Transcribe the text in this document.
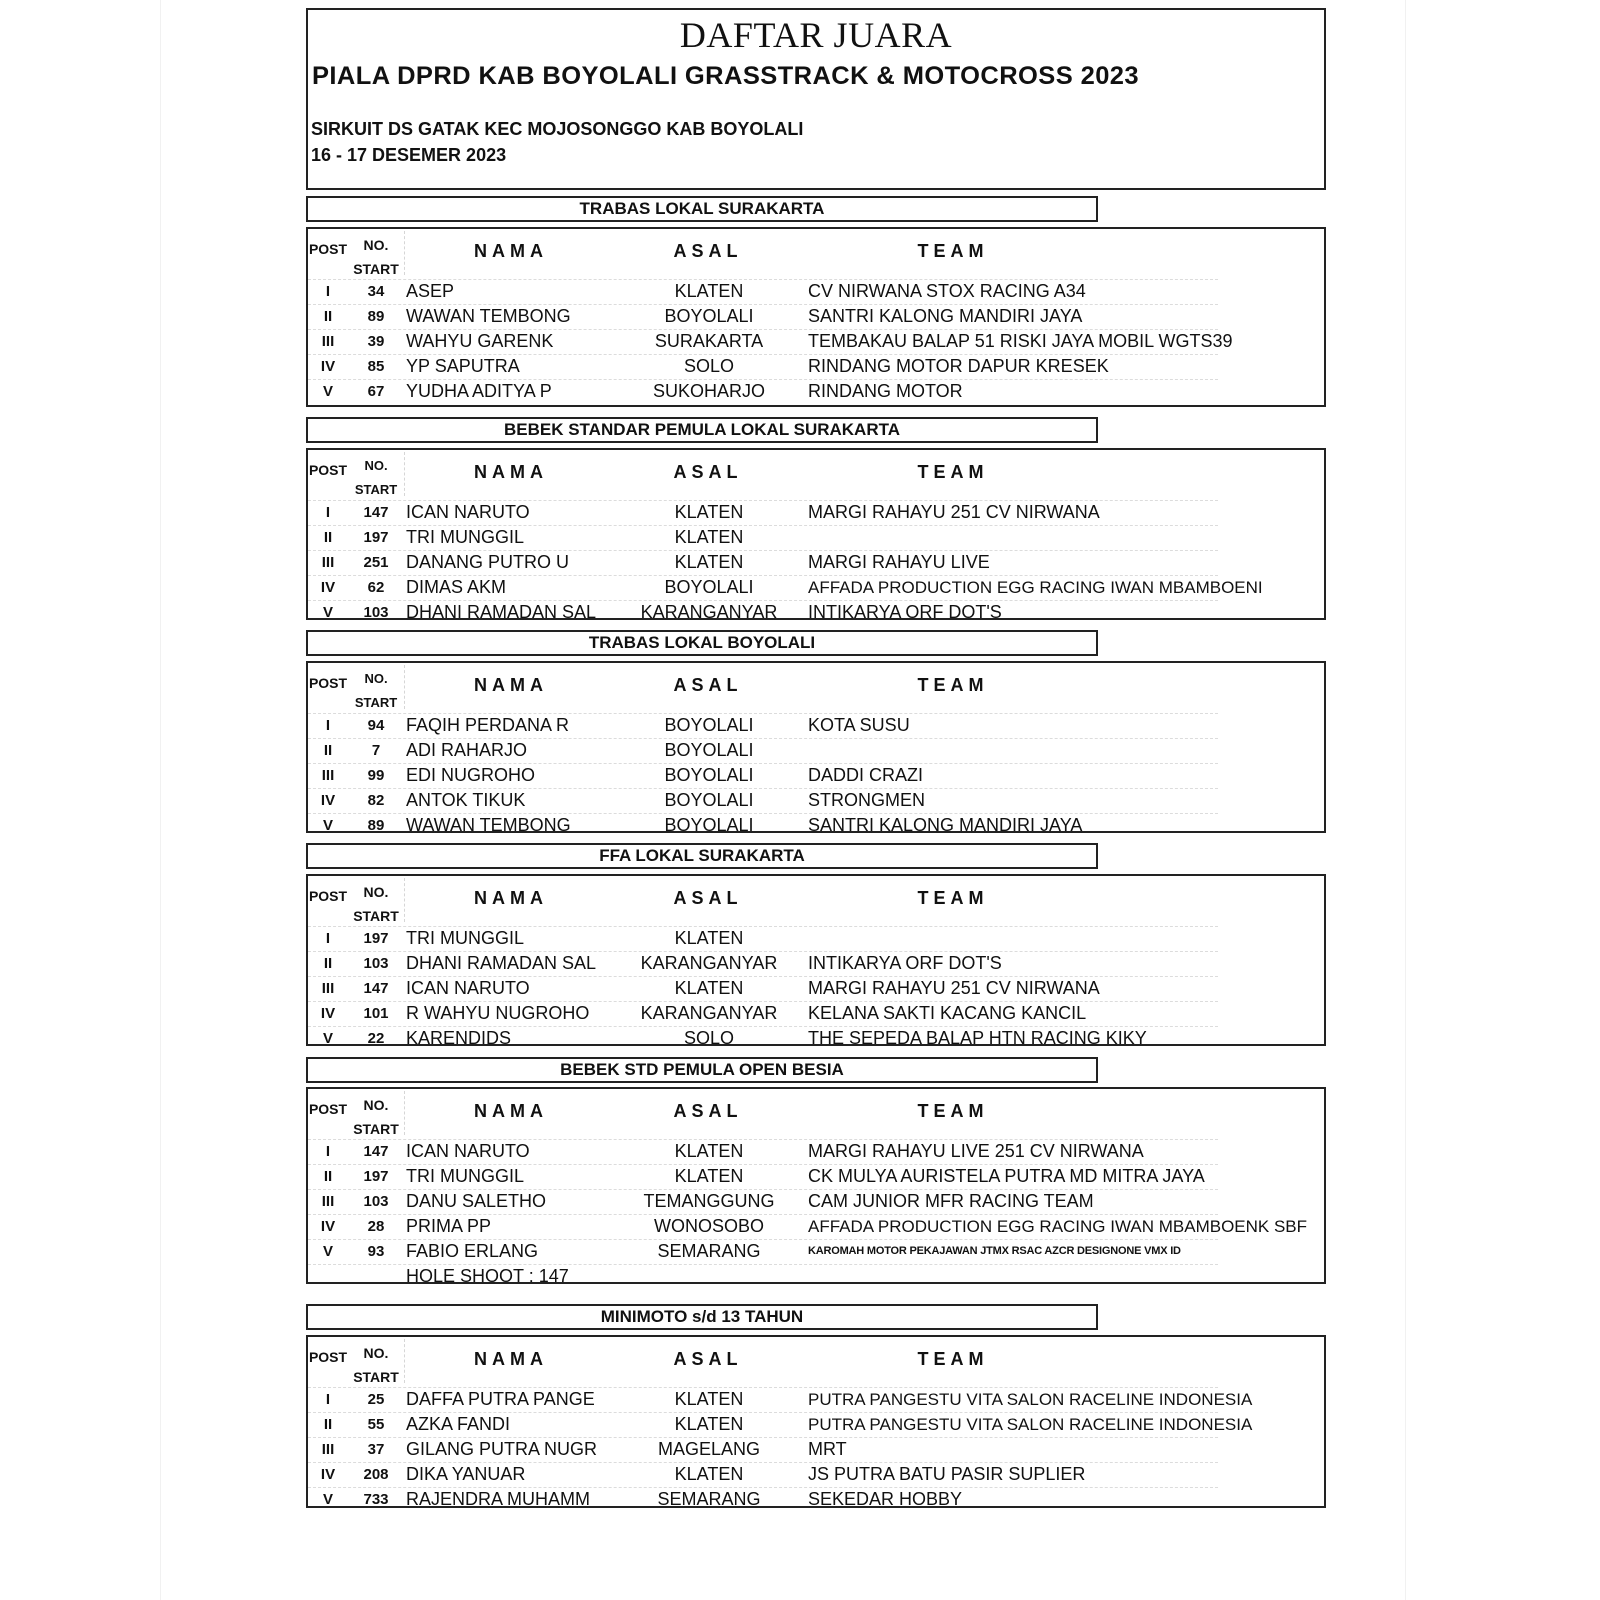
DAFTAR JUARA
PIALA DPRD KAB BOYOLALI GRASSTRACK & MOTOCROSS 2023
SIRKUIT DS GATAK KEC MOJOSONGGO KAB BOYOLALI
16 - 17 DESEMER 2023
TRABAS LOKAL SURAKARTA
POST	NO.
START
NAMA	ASAL	TEAM
I	34	ASEP	KLATEN	CV NIRWANA STOX RACING A34
II	89	WAWAN TEMBONG	BOYOLALI	SANTRI KALONG MANDIRI JAYA
III	39	WAHYU GARENK	SURAKARTA	TEMBAKAU BALAP 51 RISKI JAYA MOBIL WGTS39
IV	85	YP SAPUTRA	SOLO	RINDANG MOTOR DAPUR KRESEK
V	67	YUDHA ADITYA P	SUKOHARJO	RINDANG MOTOR
BEBEK STANDAR PEMULA LOKAL SURAKARTA
POST	NO.
START
NAMA	ASAL	TEAM
I	147 ICAN NARUTO	KLATEN	MARGI RAHAYU 251 CV NIRWANA
II	197 TRI MUNGGIL	KLATEN
III	251 DANANG PUTRO U	KLATEN	MARGI RAHAYU LIVE
IV	62	DIMAS AKM	BOYOLALI	AFFADA PRODUCTION EGG RACING IWAN MBAMBOENI
V	103 DHANI RAMADAN SAL	KARANGANYAR	INTIKARYA ORF DOT'S
TRABAS LOKAL BOYOLALI
POST	NO.
START
NAMA	ASAL	TEAM
I	94	FAQIH PERDANA R	BOYOLALI	KOTA SUSU
II	7	ADI RAHARJO	BOYOLALI
III	99	EDI NUGROHO	BOYOLALI	DADDI CRAZI
IV	82	ANTOK TIKUK	BOYOLALI	STRONGMEN
V	89	WAWAN TEMBONG	BOYOLALI	SANTRI KALONG MANDIRI JAYA
FFA LOKAL SURAKARTA
POST	NO.
START
NAMA	ASAL	TEAM
I	197 TRI MUNGGIL	KLATEN
II	103 DHANI RAMADAN SAL	KARANGANYAR	INTIKARYA ORF DOT'S
III	147 ICAN NARUTO	KLATEN	MARGI RAHAYU 251 CV NIRWANA
IV	101 R WAHYU NUGROHO	KARANGANYAR	KELANA SAKTI KACANG KANCIL
V	22	KARENDIDS	SOLO	THE SEPEDA BALAP HTN RACING KIKY
BEBEK STD PEMULA OPEN BESIA
POST	NO.
START
NAMA	ASAL	TEAM
I	147 ICAN NARUTO	KLATEN	MARGI RAHAYU LIVE 251 CV NIRWANA
II	197 TRI MUNGGIL	KLATEN	CK MULYA AURISTELA PUTRA MD MITRA JAYA
III	103 DANU SALETHO	TEMANGGUNG	CAM JUNIOR MFR RACING TEAM
IV	28	PRIMA PP	WONOSOBO	AFFADA PRODUCTION EGG RACING IWAN MBAMBOENK SBF
V	93	FABIO ERLANG	SEMARANG	KAROMAH MOTOR PEKAJAWAN JTMX RSAC AZCR DESIGNONE VMX ID
HOLE SHOOT : 147
MINIMOTO s/d 13 TAHUN
POST	NO.
START
NAMA	ASAL	TEAM
I	25	DAFFA PUTRA PANGE	KLATEN	PUTRA PANGESTU VITA SALON RACELINE INDONESIA
II	55	AZKA FANDI	KLATEN	PUTRA PANGESTU VITA SALON RACELINE INDONESIA
III	37	GILANG PUTRA NUGR	MAGELANG	MRT
IV	208 DIKA YANUAR	KLATEN	JS PUTRA BATU PASIR SUPLIER
V	733 RAJENDRA MUHAMM	SEMARANG	SEKEDAR HOBBY
